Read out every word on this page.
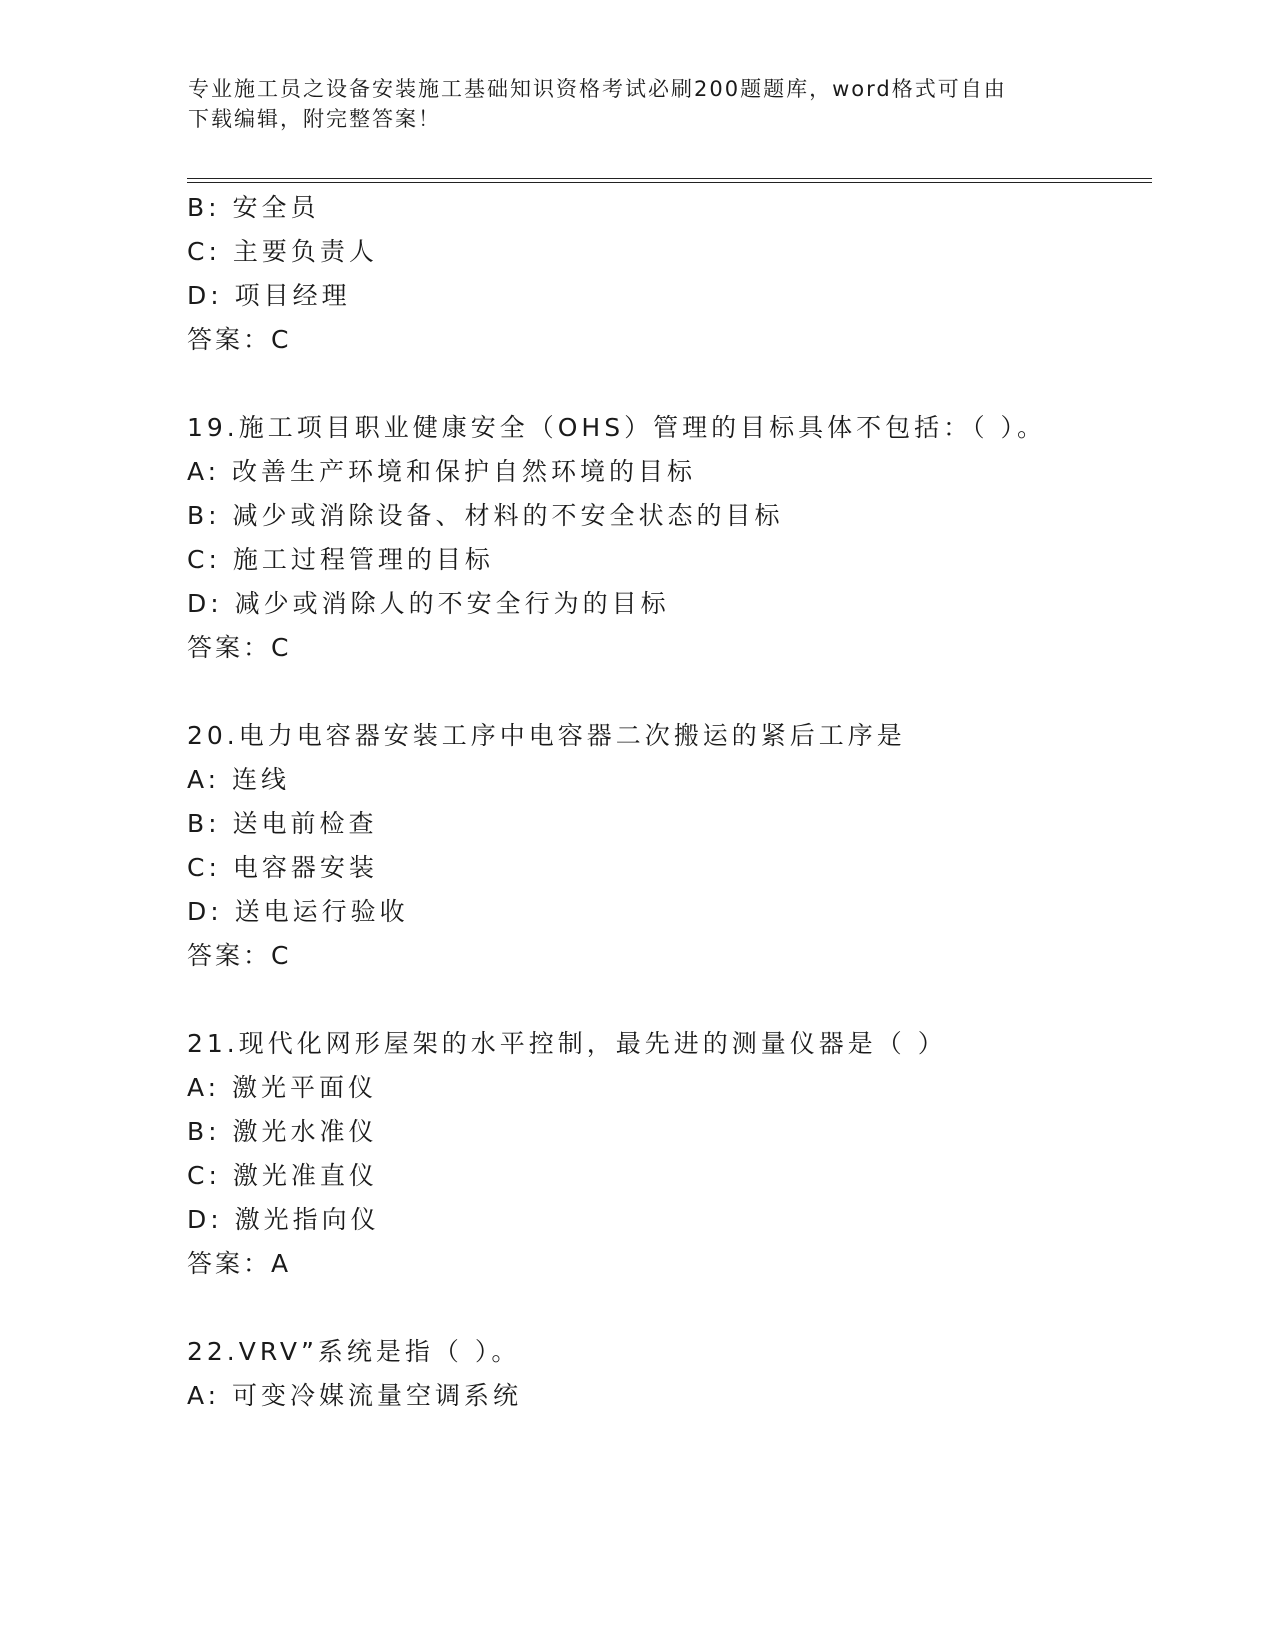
专业施工员之设备安装施工基础知识资格考试必刷200题题库，word格式可自由
下载编辑，附完整答案！
B: 安全员
C: 主要负责人
D: 项目经理
答案：C
19.施工项目职业健康安全（OHS）管理的目标具体不包括：（ ）。
A: 改善生产环境和保护自然环境的目标
B: 减少或消除设备、材料的不安全状态的目标
C: 施工过程管理的目标
D: 减少或消除人的不安全行为的目标
答案：C
20.电力电容器安装工序中电容器二次搬运的紧后工序是
A: 连线
B: 送电前检查
C: 电容器安装
D: 送电运行验收
答案：C
21.现代化网形屋架的水平控制，最先进的测量仪器是（ ）
A: 激光平面仪
B: 激光水准仪
C: 激光准直仪
D: 激光指向仪
答案：A
22.VRV”系统是指（ ）。
A: 可变冷媒流量空调系统
